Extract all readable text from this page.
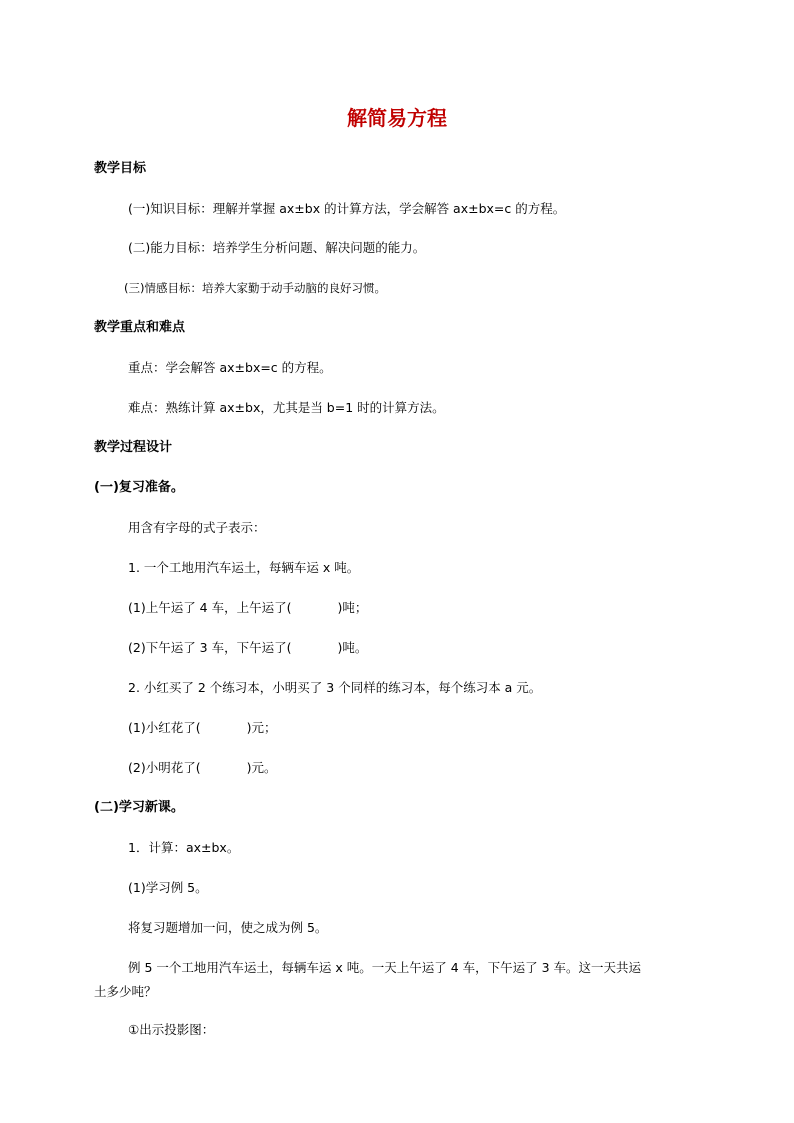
解简易方程
教学目标
(一)知识目标：理解并掌握 ax±bx 的计算方法，学会解答 ax±bx=c 的方程。
(二)能力目标：培养学生分析问题、解决问题的能力。
(三)情感目标：培养大家勤于动手动脑的良好习惯。
教学重点和难点
重点：学会解答 ax±bx=c 的方程。
难点：熟练计算 ax±bx，尤其是当 b=1 时的计算方法。
教学过程设计
(一)复习准备。
用含有字母的式子表示：
1. 一个工地用汽车运土，每辆车运 x 吨。
(1)上午运了 4 车，上午运了(	)吨；
(2)下午运了 3 车，下午运了(	)吨。
2. 小红买了 2 个练习本，小明买了 3 个同样的练习本，每个练习本 a 元。
(1)小红花了(	)元；
(2)小明花了(	)元。
(二)学习新课。
1．计算：ax±bx。
(1)学习例 5。
将复习题增加一问，使之成为例 5。
例 5 一个工地用汽车运土，每辆车运 x 吨。一天上午运了 4 车，下午运了 3 车。这一天共运
土多少吨？
①出示投影图：
